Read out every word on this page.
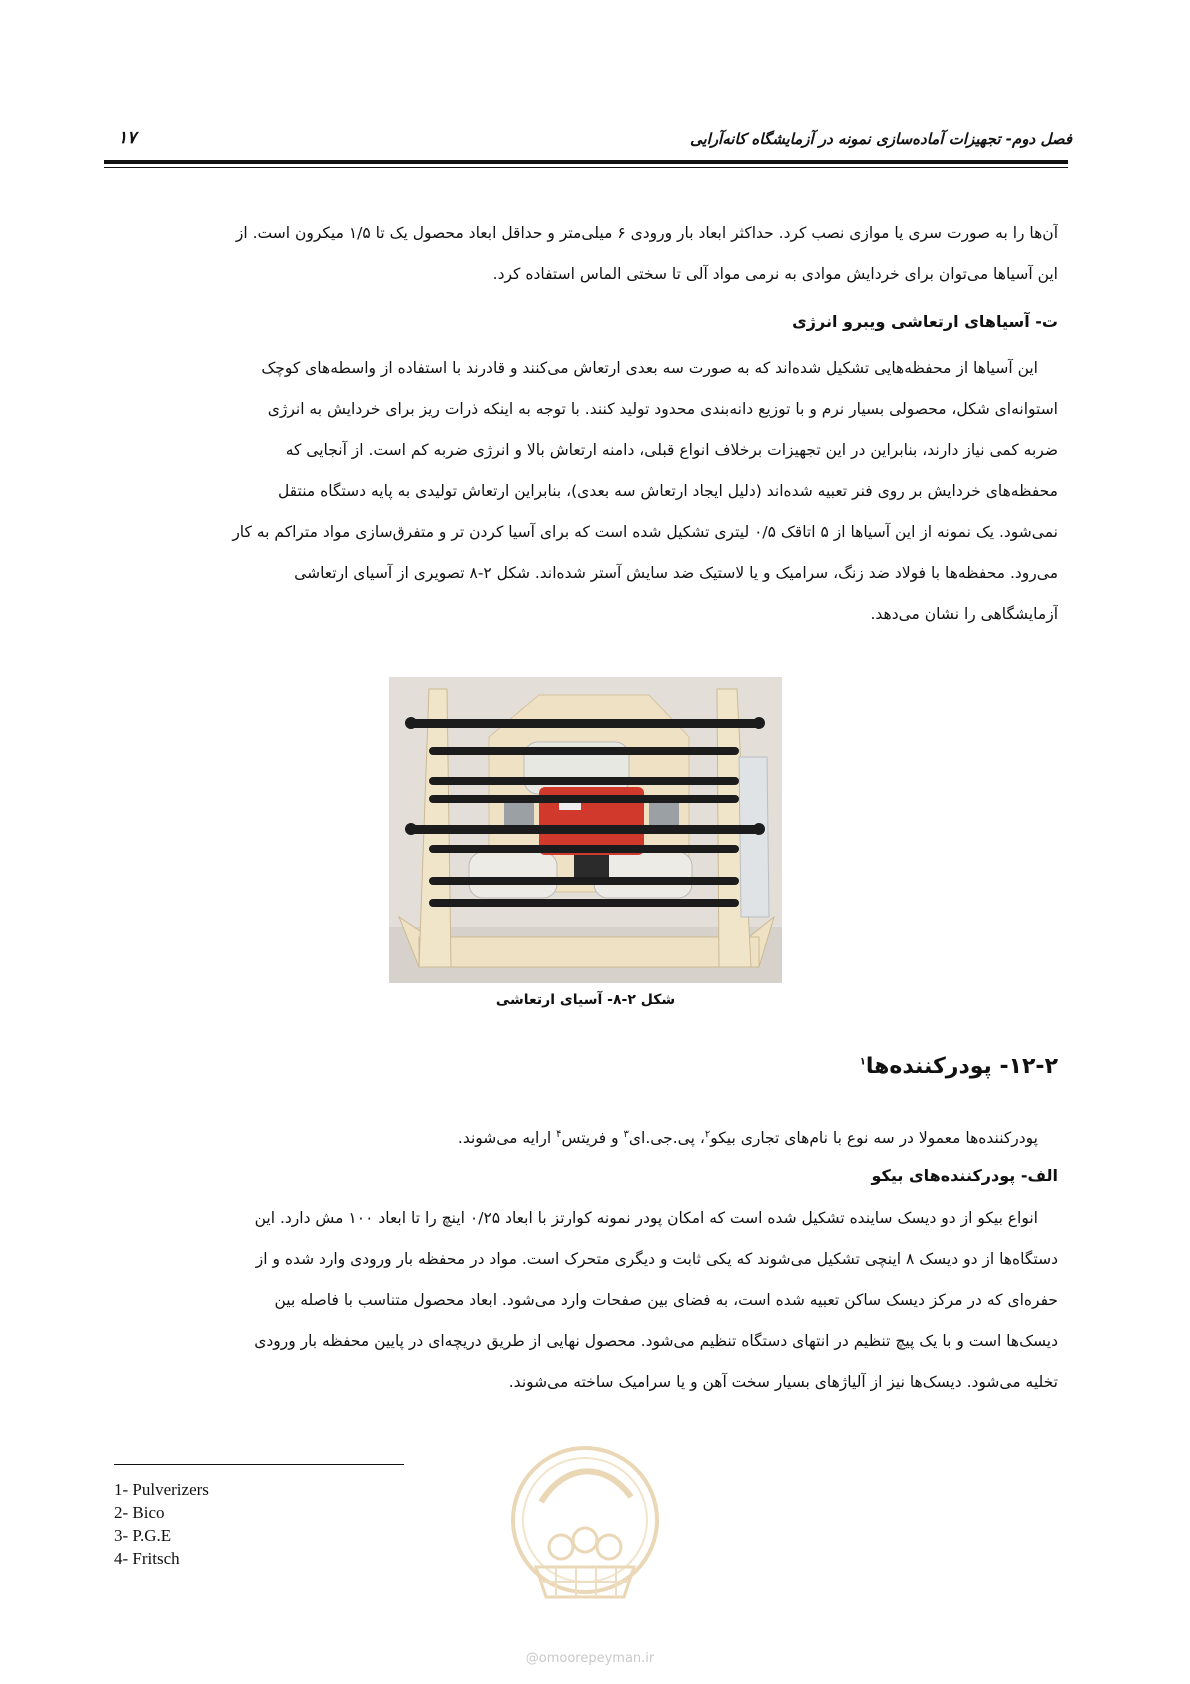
فصل دوم- تجهیزات آماده‌سازی نمونه در آزمایشگاه کانه‌آرایی
۱۷
آن‌ها را به صورت سری یا موازی نصب کرد. حداکثر ابعاد بار ورودی ۶ میلی‌متر و حداقل ابعاد محصول یک تا ۱/۵ میکرون است. از
این آسیاها می‌توان برای خردایش موادی به نرمی مواد آلی تا سختی الماس استفاده کرد.
ت- آسیاهای ارتعاشی ویبرو انرژی
این آسیاها از محفظه‌هایی تشکیل شده‌اند که به صورت سه بعدی ارتعاش می‌کنند و قادرند با استفاده از واسطه‌های کوچک
استوانه‌ای شکل، محصولی بسیار نرم و با توزیع دانه‌بندی محدود تولید کنند. با توجه به اینکه ذرات ریز برای خردایش به انرژی
ضربه کمی نیاز دارند، بنابراین در این تجهیزات برخلاف انواع قبلی، دامنه ارتعاش بالا و انرژی ضربه کم است. از آنجایی که
محفظه‌های خردایش بر روی فنر تعبیه شده‌اند (دلیل ایجاد ارتعاش سه بعدی)، بنابراین ارتعاش تولیدی به پایه دستگاه منتقل
نمی‌شود. یک نمونه از این آسیاها از ۵ اتاقک ۰/۵ لیتری تشکیل شده است که برای آسیا کردن تر و متفرق‌سازی مواد متراکم به کار
می‌رود. محفظه‌ها با فولاد ضد زنگ، سرامیک و یا لاستیک ضد سایش آستر شده‌اند. شکل ۲-۸ تصویری از آسیای ارتعاشی
آزمایشگاهی را نشان می‌دهد.
شکل ۲-۸- آسیای ارتعاشی
۱۲-۲- پودرکننده‌ها$^۱$
پودرکننده‌ها معمولا در سه نوع با نام‌های تجاری بیکو$^۲$، پی.جی.ای$^۳$ و فریتس$^۴$ ارایه می‌شوند.
الف- پودرکننده‌های بیکو
انواع بیکو از دو دیسک ساینده تشکیل شده است که امکان پودر نمونه کوارتز با ابعاد ۰/۲۵ اینچ را تا ابعاد ۱۰۰ مش دارد. این
دستگاه‌ها از دو دیسک ۸ اینچی تشکیل می‌شوند که یکی ثابت و دیگری متحرک است. مواد در محفظه بار ورودی وارد شده و از
حفره‌ای که در مرکز دیسک ساکن تعبیه شده است، به فضای بین صفحات وارد می‌شود. ابعاد محصول متناسب با فاصله بین
دیسک‌ها است و با یک پیچ تنظیم در انتهای دستگاه تنظیم می‌شود. محصول نهایی از طریق دریچه‌ای در پایین محفظه بار ورودی
تخلیه می‌شود. دیسک‌ها نیز از آلیاژهای بسیار سخت آهن و یا سرامیک ساخته می‌شوند.
1- Pulverizers
2- Bico
3- P.G.E
4- Fritsch
@omoorepeyman.ir
